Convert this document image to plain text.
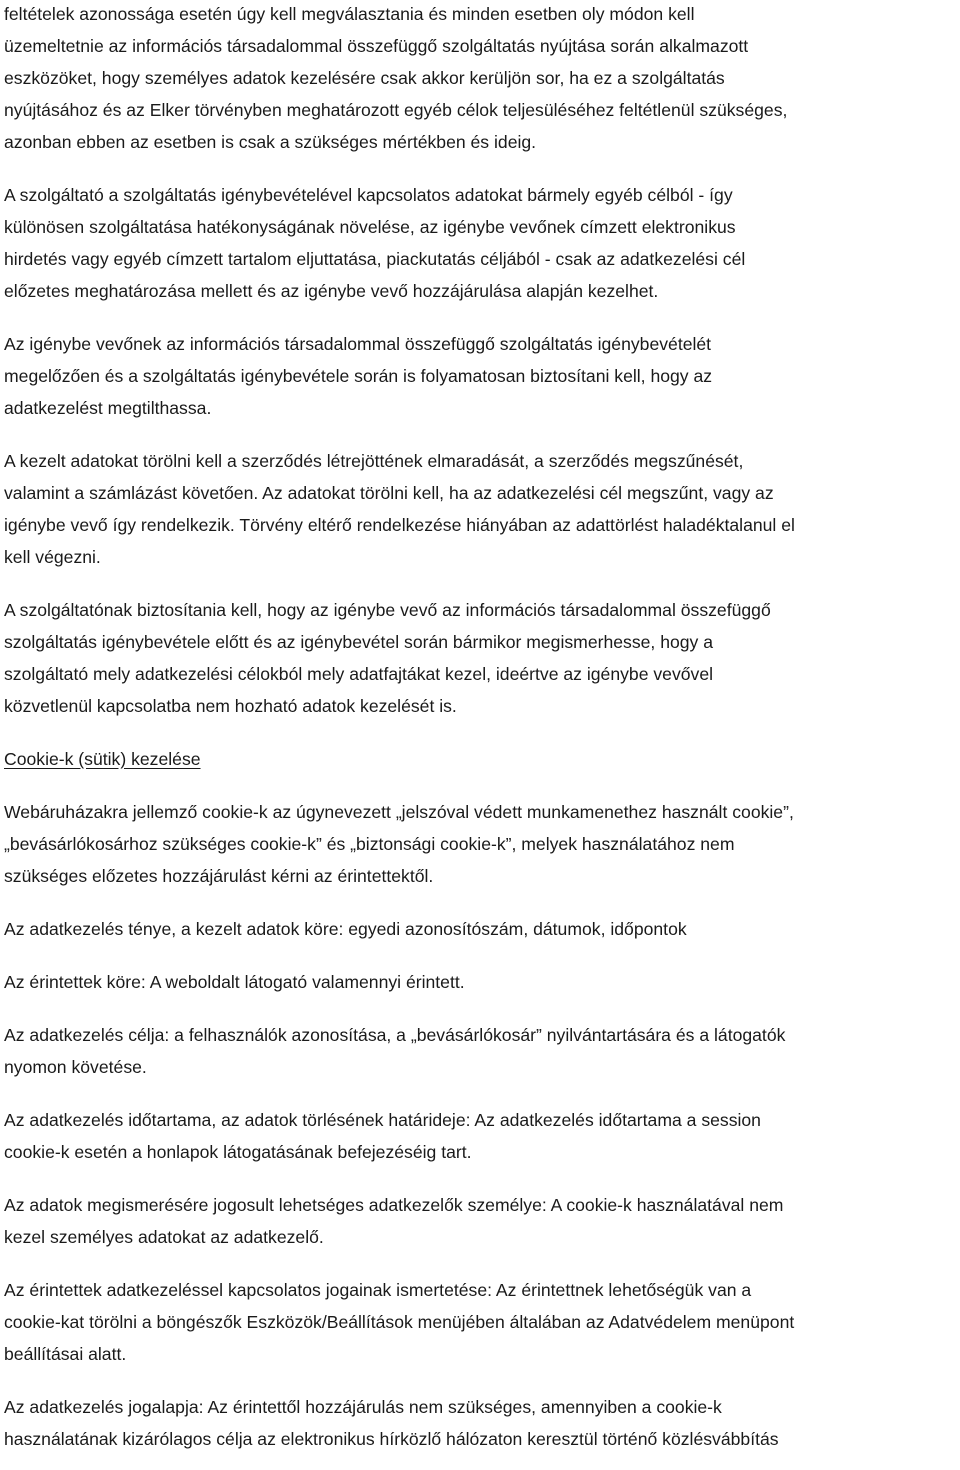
feltételek azonossága esetén úgy kell megválasztania és minden esetben oly módon kell
üzemeltetnie az információs társadalommal összefüggő szolgáltatás nyújtása során alkalmazott
eszközöket, hogy személyes adatok kezelésére csak akkor kerüljön sor, ha ez a szolgáltatás
nyújtásához és az Elker törvényben meghatározott egyéb célok teljesüléséhez feltétlenül szükséges,
azonban ebben az esetben is csak a szükséges mértékben és ideig.

A szolgáltató a szolgáltatás igénybevételével kapcsolatos adatokat bármely egyéb célból - így
különösen szolgáltatása hatékonyságának növelése, az igénybe vevőnek címzett elektronikus
hirdetés vagy egyéb címzett tartalom eljuttatása, piackutatás céljából - csak az adatkezelési cél
előzetes meghatározása mellett és az igénybe vevő hozzájárulása alapján kezelhet.

Az igénybe vevőnek az információs társadalommal összefüggő szolgáltatás igénybevételét
megelőzően és a szolgáltatás igénybevétele során is folyamatosan biztosítani kell, hogy az
adatkezelést megtilthassa.

A kezelt adatokat törölni kell a szerződés létrejöttének elmaradását, a szerződés megszűnését,
valamint a számlázást követően. Az adatokat törölni kell, ha az adatkezelési cél megszűnt, vagy az
igénybe vevő így rendelkezik. Törvény eltérő rendelkezése hiányában az adattörlést haladéktalanul el
kell végezni.

A szolgáltatónak biztosítania kell, hogy az igénybe vevő az információs társadalommal összefüggő
szolgáltatás igénybevétele előtt és az igénybevétel során bármikor megismerhesse, hogy a
szolgáltató mely adatkezelési célokból mely adatfajtákat kezel, ideértve az igénybe vevővel
közvetlenül kapcsolatba nem hozható adatok kezelését is.

Cookie-k (sütik) kezelése

Webáruházakra jellemző cookie-k az úgynevezett „jelszóval védett munkamenethez használt cookie”,
„bevásárlókosárhoz szükséges cookie-k” és „biztonsági cookie-k”, melyek használatához nem
szükséges előzetes hozzájárulást kérni az érintettektől.

Az adatkezelés ténye, a kezelt adatok köre: egyedi azonosítószám, dátumok, időpontok

Az érintettek köre: A weboldalt látogató valamennyi érintett.

Az adatkezelés célja: a felhasználók azonosítása, a „bevásárlókosár” nyilvántartására és a látogatók
nyomon követése.

Az adatkezelés időtartama, az adatok törlésének határideje: Az adatkezelés időtartama a session
cookie-k esetén a honlapok látogatásának befejezéséig tart.

Az adatok megismerésére jogosult lehetséges adatkezelők személye: A cookie-k használatával nem
kezel személyes adatokat az adatkezelő.

Az érintettek adatkezeléssel kapcsolatos jogainak ismertetése: Az érintettnek lehetőségük van a
cookie-kat törölni a böngészők Eszközök/Beállítások menüjében általában az Adatvédelem menüpont
beállításai alatt.

Az adatkezelés jogalapja: Az érintettől hozzájárulás nem szükséges, amennyiben a cookie-k
használatának kizárólagos célja az elektronikus hírközlő hálózaton keresztül történő közlésvábbítás
